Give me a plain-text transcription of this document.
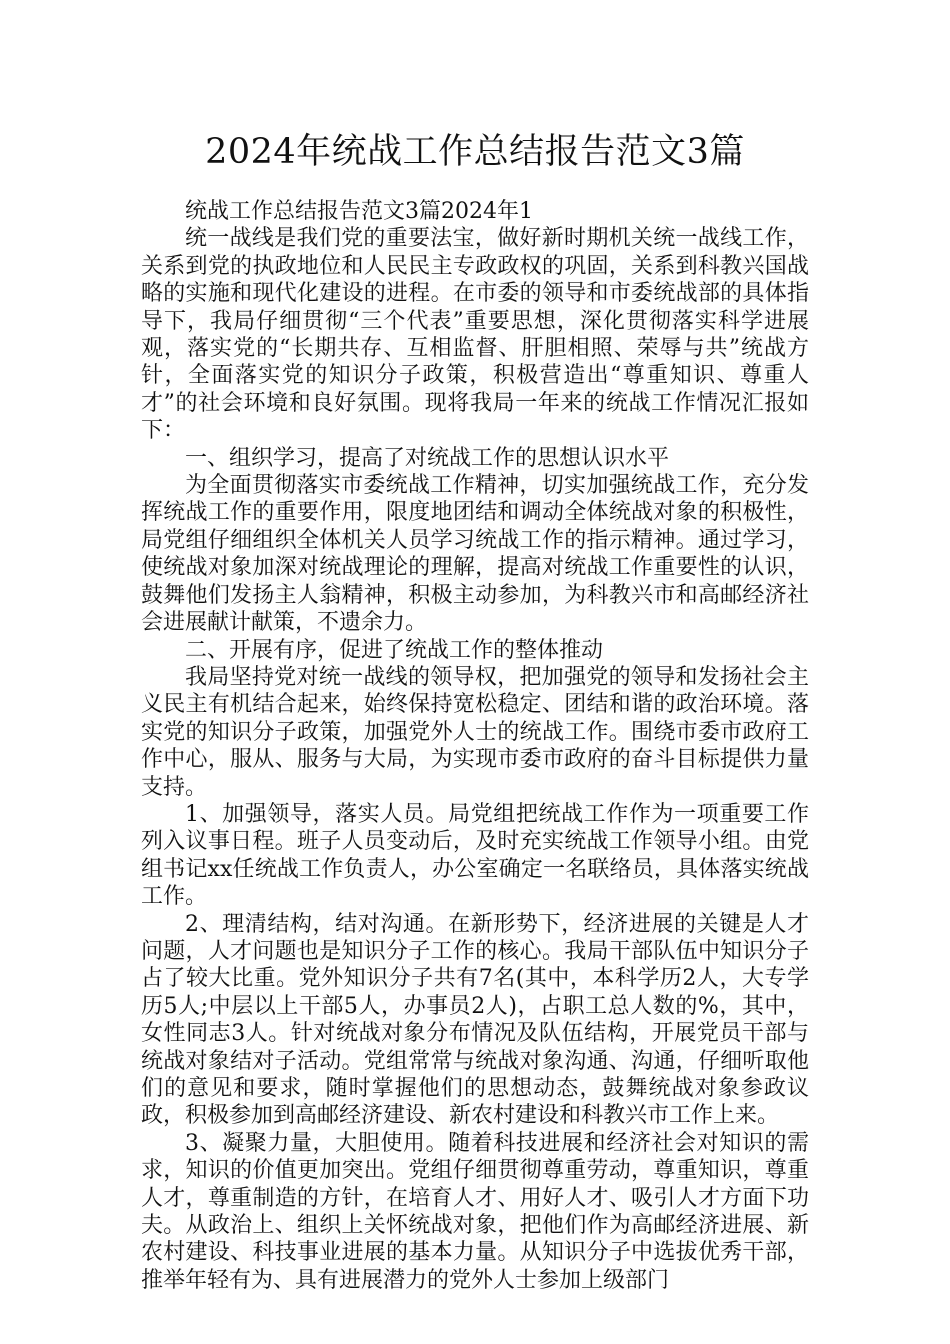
2024年统战工作总结报告范文3篇

统战工作总结报告范文3篇2024年1

统一战线是我们党的重要法宝，做好新时期机关统一战线工作，关系到党的执政地位和人民民主专政政权的巩固，关系到科教兴国战略的实施和现代化建设的进程。在市委的领导和市委统战部的具体指导下，我局仔细贯彻“三个代表”重要思想，深化贯彻落实科学进展观，落实党的“长期共存、互相监督、肝胆相照、荣辱与共”统战方针，全面落实党的知识分子政策，积极营造出“尊重知识、尊重人才”的社会环境和良好氛围。现将我局一年来的统战工作情况汇报如下：

一、组织学习，提高了对统战工作的思想认识水平

为全面贯彻落实市委统战工作精神，切实加强统战工作，充分发挥统战工作的重要作用，限度地团结和调动全体统战对象的积极性，局党组仔细组织全体机关人员学习统战工作的指示精神。通过学习，使统战对象加深对统战理论的理解，提高对统战工作重要性的认识，鼓舞他们发扬主人翁精神，积极主动参加，为科教兴市和高邮经济社会进展献计献策，不遗余力。

二、开展有序，促进了统战工作的整体推动

我局坚持党对统一战线的领导权，把加强党的领导和发扬社会主义民主有机结合起来，始终保持宽松稳定、团结和谐的政治环境。落实党的知识分子政策，加强党外人士的统战工作。围绕市委市政府工作中心，服从、服务与大局，为实现市委市政府的奋斗目标提供力量支持。

1、加强领导，落实人员。局党组把统战工作作为一项重要工作列入议事日程。班子人员变动后，及时充实统战工作领导小组。由党组书记xx任统战工作负责人，办公室确定一名联络员，具体落实统战工作。

2、理清结构，结对沟通。在新形势下，经济进展的关键是人才问题，人才问题也是知识分子工作的核心。我局干部队伍中知识分子占了较大比重。党外知识分子共有7名(其中，本科学历2人，大专学历5人;中层以上干部5人，办事员2人)，占职工总人数的%，其中，女性同志3人。针对统战对象分布情况及队伍结构，开展党员干部与统战对象结对子活动。党组常常与统战对象沟通、沟通，仔细听取他们的意见和要求，随时掌握他们的思想动态，鼓舞统战对象参政议政，积极参加到高邮经济建设、新农村建设和科教兴市工作上来。

3、凝聚力量，大胆使用。随着科技进展和经济社会对知识的需求，知识的价值更加突出。党组仔细贯彻尊重劳动，尊重知识，尊重人才，尊重制造的方针，在培育人才、用好人才、吸引人才方面下功夫。从政治上、组织上关怀统战对象，把他们作为高邮经济进展、新农村建设、科技事业进展的基本力量。从知识分子中选拔优秀干部，推举年轻有为、具有进展潜力的党外人士参加上级部门
